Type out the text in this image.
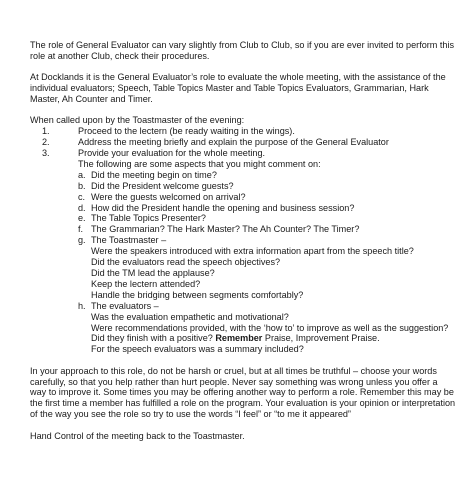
The role of General Evaluator can vary slightly from Club to Club, so if you are ever invited to perform this role at another Club, check their procedures.

At Docklands it is the General Evaluator’s role to evaluate the whole meeting, with the assistance of the individual evaluators; Speech, Table Topics Master and Table Topics Evaluators, Grammarian, Hark Master, Ah Counter and Timer.

When called upon by the Toastmaster of the evening:

1.	Proceed to the lectern (be ready waiting in the wings).
2.	Address the meeting briefly and explain the purpose of the General Evaluator
3.	Provide your evaluation for the whole meeting.
The following are some aspects that you might comment on:
a. Did the meeting begin on time?
b. Did the President welcome guests?
c. Were the guests welcomed on arrival?
d. How did the President handle the opening and business session?
e. The Table Topics Presenter?
f. The Grammarian? The Hark Master? The Ah Counter? The Timer?
g. The Toastmaster –
Were the speakers introduced with extra information apart from the speech title?
Did the evaluators read the speech objectives?
Did the TM lead the applause?
Keep the lectern attended?
Handle the bridging between segments comfortably?
h. The evaluators –
Was the evaluation empathetic and motivational?
Were recommendations provided, with the ‘how to’ to improve as well as the suggestion?
Did they finish with a positive? Remember Praise, Improvement Praise.
For the speech evaluators was a summary included?

In your approach to this role, do not be harsh or cruel, but at all times be truthful – choose your words carefully, so that you help rather than hurt people. Never say something was wrong unless you offer a way to improve it. Some times you may be offering another way to perform a role. Remember this may be the first time a member has fulfilled a role on the program. Your evaluation is your opinion or interpretation of the way you see the role so try to use the words “I feel” or “to me it appeared”

Hand Control of the meeting back to the Toastmaster.
